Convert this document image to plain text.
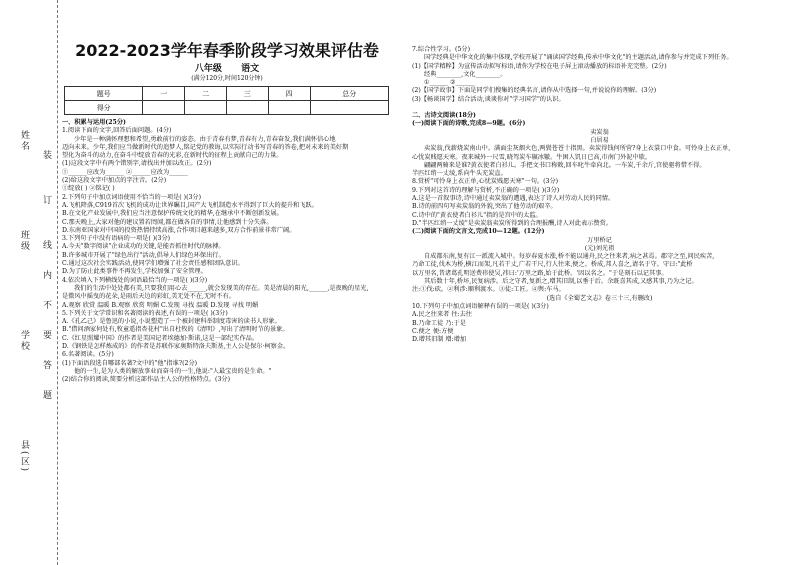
姓名
班级
学校
装
订
线
内
不
要
答
题
县(区)
2022-2023学年春季阶段学习效果评估卷
八年级 语文
(满分120分,时间120分钟)
题号	一	二	三	四	总分
得分					

一、积累与运用(25分)

1.阅读下面的文字,回答后面问题。(4分)

少年是一种满怀理想和希望,勇敢前行的姿态。由于青春有梦,青春有力,青春奋发,我们满怀信心地

迈向未来。少年,我们应当做新时代的追梦人,铭记党的教诲,以实际行动书写青春的答卷,把对未来的美好期

望化为奋斗的动力,在奋斗中绽放青春的光彩,在新时代的征程上贡献自己的力量。

(1)这段文字中有两个错别字,请找出并加以改正。(2分)

①______应改为______ ②______应改为______

(2)给这段文字中加点的字注音。(2分)

①绽放( ) ②铭记( )

2.下列句子中加点词语使用不恰当的一项是( )(3分)

A.飞机降落,C919首次飞机的成功让世界瞩目,国产大飞机制造水平得到了巨大的提升和飞跃。

B.在文化产业发展中,我们应当注意保护传统文化的精华,在继承中不断创新发展。

C.那天晚上,大家对他的建议置若罔闻,都在做各自的事情,让他感到十分失落。

D.东南亚国家对中国的投资热情持续高涨,合作项目越来越多,双方合作前景非常广阔。

3.下列句子中没有语病的一项是( )(3分)

A.今天"数字阅读"企业成功的关键,是能否抓住时代的脉搏。

B.许多城市开展了"绿色出行"活动,倡导人们绿色环保出行。

C.通过这次社会实践活动,使同学们增强了社会责任感和团队意识。

D.为了防止此类事件不再发生,学校加强了安全管理。

4.依次填入下列横线处的词语最恰当的一项是( )(3分)

我们的生活中处处都有美,只要我们用心去______,就会发现美的存在。美是清晨的阳光,______,是夜晚的星光,

是微风中摇曳的花朵,是雨后天边的彩虹,美无处不在,无时不有。

A.观察 欣赏 温暖 B.观察 欣赏 明媚 C.发现 寻找 温暖 D.发现 寻找 明媚

5.下列关于文学常识和名著阅读的表述,有误的一项是( )(3分)

A.《孔乙己》是鲁迅的小说,小说塑造了一个被封建科举制度毒害的读书人形象。

B."借问酒家何处有,牧童遥指杏花村"出自杜牧的《清明》,写出了清明时节的景象。

C.《红星照耀中国》的作者是美国记者埃德加·斯诺,这是一部纪实作品。

D.《钢铁是怎样炼成的》的作者是苏联作家奥斯特洛夫斯基,主人公是保尔·柯察金。

6.名著阅读。(5分)

(1)下面语段选自哪部名著?文中的"他"指谁?(2分)

他的一生,是为人类的解放事业而奋斗的一生,他说:"人最宝贵的是生命。"

(2)结合你的阅读,简要分析这部作品主人公的性格特点。(3分)

7.综合性学习。(5分)

国学经典是中华文化的集中体现,学校开展了"诵读国学经典,传承中华文化"的主题活动,请你参与并完成下列任务。

(1)【国学精粹】为宣传活动拟写标语,请你为学校在电子屏上滚动播放的标语补充完整。(2分)

经典________,文化________。

①______ ②______

(2)【国学故事】下面是同学们搜集的经典名言,请你从中选择一句,并说说你的理解。(3分)

(3)【畅谈国学】结合活动,谈谈你对"学习国学"的认识。

二、古诗文阅读(18分)

(一)阅读下面的诗歌,完成8—9题。(6分)

卖炭翁

白居易

卖炭翁,伐薪烧炭南山中。满面尘灰烟火色,两鬓苍苍十指黑。卖炭得钱何所营?身上衣裳口中食。可怜身上衣正单,

心忧炭贱愿天寒。夜来城外一尺雪,晓驾炭车辗冰辙。牛困人饥日已高,市南门外泥中歇。

翩翩两骑来是谁?黄衣使者白衫儿。手把文书口称敕,回车叱牛牵向北。一车炭,千余斤,宫使驱将惜不得。

半匹红绡一丈绫,系向牛头充炭直。

8.赏析"可怜身上衣正单,心忧炭贱愿天寒"一句。(3分)

9.下列对这首诗的理解与赏析,不正确的一项是( )(3分)

A.这是一首叙事诗,诗中通过卖炭翁的遭遇,表达了诗人对劳动人民的同情。

B.诗的前四句写卖炭翁的外貌,突出了他劳动的艰辛。

C.诗中的"黄衣使者白衫儿"指的是宫中的太监。

D."半匹红绡一丈绫"是卖炭翁卖炭所得到的合理报酬,诗人对此表示赞赏。

(二)阅读下面的文言文,完成10—12题。(12分)

万里桥记

(元)刘光祖

自成都东南,复有江一派流入城中。每岁春夏水涨,桥不能以通舟,民之往来者,病之甚焉。郡守之至,问民疾苦,

乃命工徒,伐木为桥,横江而架,凡若干丈,广若干尺,行人往来,便之。桥成,邦人喜之,请名于守。守曰:"此桥

以万里名,昔诸葛孔明送费祎使吴,祎曰:'万里之路,始于此桥。'因以名之。"于是刻石以记其事。

其后数十年,桥坏,民复病涉。后之守者,复新之,增其旧制,以垂于后。余既喜其成,又感其事,乃为之记。

注:①伐:砍。②利涉:顺利渡水。③徒:工匠。④舆:车马。

(选自《全蜀艺文志》卷三十三,有删改)

10.下列句子中加点词语解释有误的一项是( )(3分)

A.民之往来者 往:去往

B.乃命工徒 乃:于是

C.便之 便:方便

D.增其旧制 增:增加
